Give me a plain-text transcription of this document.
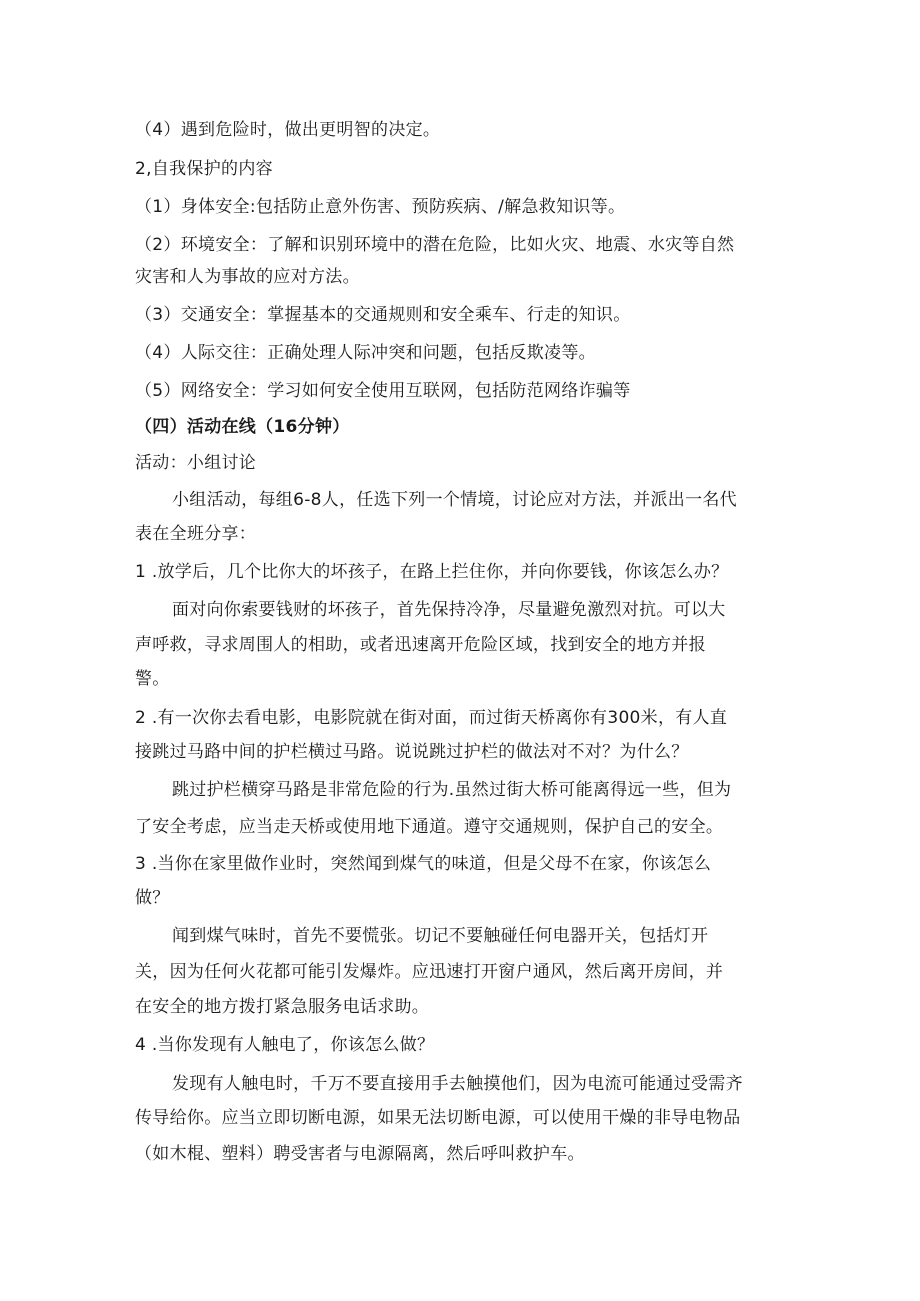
（4）遇到危险时，做出更明智的决定。
2,自我保护的内容
（1）身体安全:包括防止意外伤害、预防疾病、/解急救知识等。
（2）环境安全：了解和识别环境中的潜在危险，比如火灾、地震、水灾等自然
灾害和人为事故的应对方法。
（3）交通安全：掌握基本的交通规则和安全乘车、行走的知识。
（4）人际交往：正确处理人际冲突和问题，包括反欺凌等。
（5）网络安全：学习如何安全使用互联网，包括防范网络诈骗等
（四）活动在线（16分钟）
活动：小组讨论
小组活动，每组6-8人，任选下列一个情境，讨论应对方法，并派出一名代
表在全班分享：
1 .放学后，几个比你大的坏孩子，在路上拦住你，并向你要钱，你该怎么办？
面对向你索要钱财的坏孩子，首先保持冷净，尽量避免激烈对抗。可以大
声呼救，寻求周围人的相助，或者迅速离开危险区域，找到安全的地方并报
警。
2 .有一次你去看电影，电影院就在街对面，而过街天桥离你有300米，有人直
接跳过马路中间的护栏横过马路。说说跳过护栏的做法对不对？为什么？
跳过护栏横穿马路是非常危险的行为.虽然过街大桥可能离得远一些，但为
了安全考虑，应当走天桥或使用地下通道。遵守交通规则，保护自己的安全。
3 .当你在家里做作业时，突然闻到煤气的味道，但是父母不在家，你该怎么
做？
闻到煤气味时，首先不要慌张。切记不要触碰任何电器开关，包括灯开
关，因为任何火花都可能引发爆炸。应迅速打开窗户通风，然后离开房间，并
在安全的地方拨打紧急服务电话求助。
4 .当你发现有人触电了，你该怎么做？
发现有人触电时，千万不要直接用手去触摸他们，因为电流可能通过受需齐
传导给你。应当立即切断电源，如果无法切断电源，可以使用干燥的非导电物品
（如木棍、塑料）聘受害者与电源隔离，然后呼叫救护车。
